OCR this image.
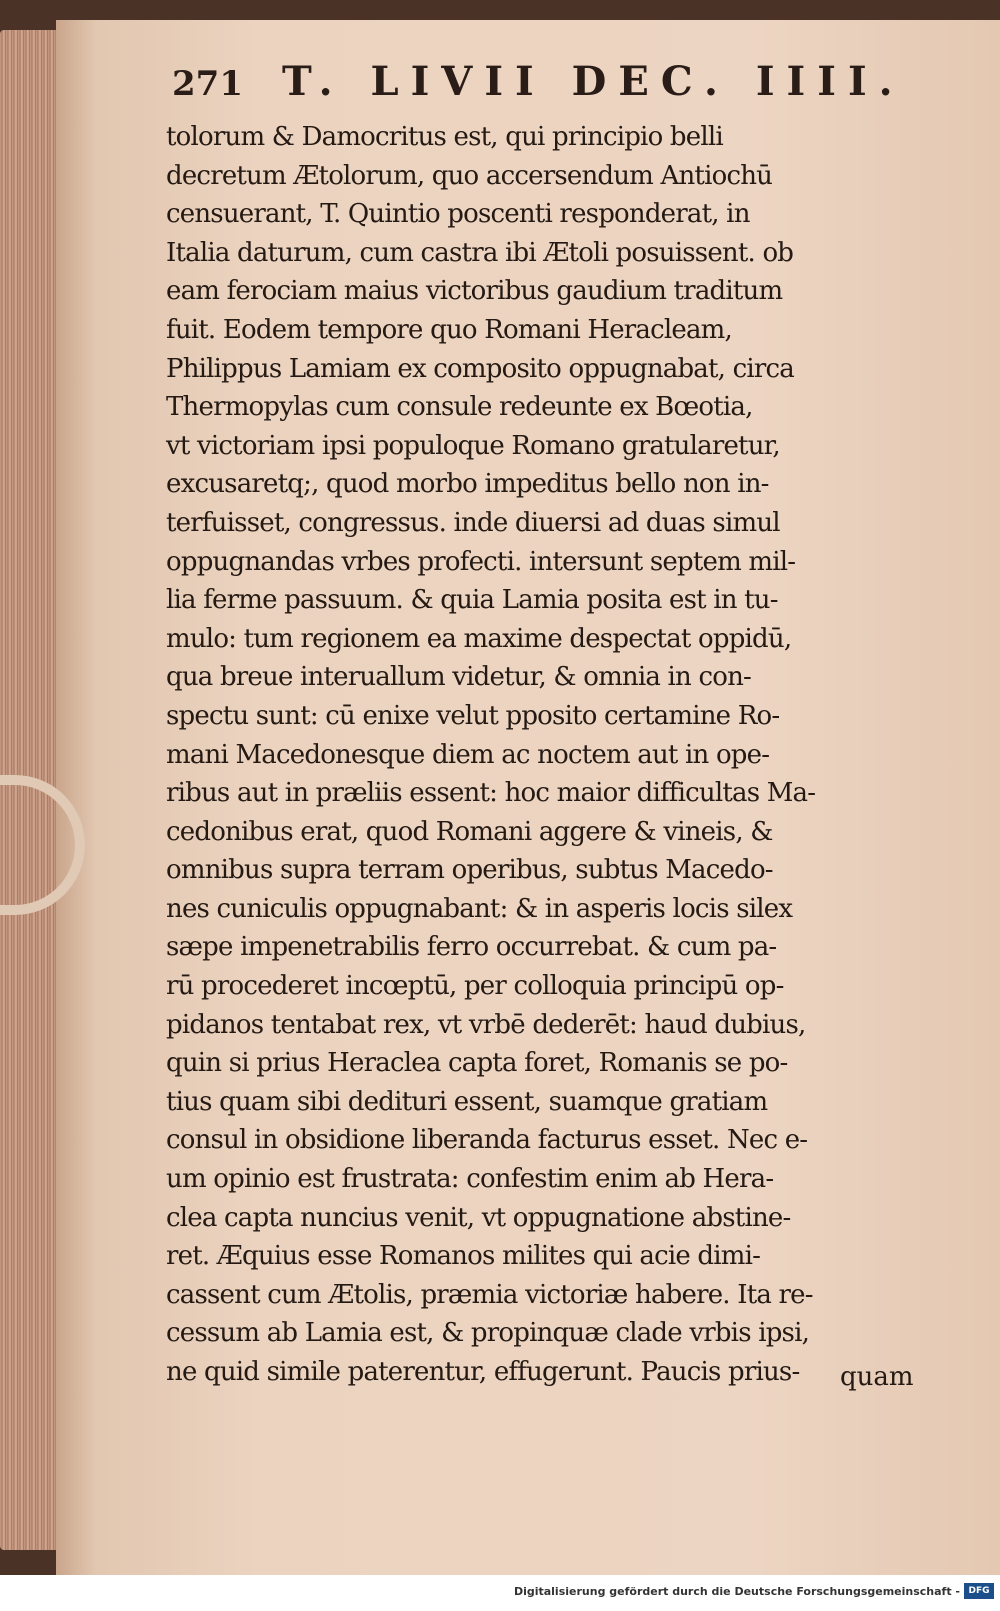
271 T. LIVII DEC. IIII.
tolorum & Damocritus est, qui principio belli
decretum Ætolorum, quo accersendum Antiochū
censuerant, T. Quintio poscenti responderat, in
Italia daturum, cum castra ibi Ætoli posuissent. ob
eam ferociam maius victoribus gaudium traditum
fuit. Eodem tempore quo Romani Heracleam,
Philippus Lamiam ex composito oppugnabat, circa
Thermopylas cum consule redeunte ex Bœotia,
vt victoriam ipsi populoque Romano gratularetur,
excusaretq;, quod morbo impeditus bello non in-
terfuisset, congressus. inde diuersi ad duas simul
oppugnandas vrbes profecti. intersunt septem mil-
lia ferme passuum. & quia Lamia posita est in tu-
mulo: tum regionem ea maxime despectat oppidū,
qua breue interuallum videtur, & omnia in con-
spectu sunt: cū enixe velut pposito certamine Ro-
mani Macedonesque diem ac noctem aut in ope-
ribus aut in præliis essent: hoc maior difficultas Ma-
cedonibus erat, quod Romani aggere & vineis, &
omnibus supra terram operibus, subtus Macedo-
nes cuniculis oppugnabant: & in asperis locis silex
sæpe impenetrabilis ferro occurrebat. & cum pa-
rū procederet incœptū, per colloquia principū op-
pidanos tentabat rex, vt vrbē dederēt: haud dubius,
quin si prius Heraclea capta foret, Romanis se po-
tius quam sibi dedituri essent, suamque gratiam
consul in obsidione liberanda facturus esset. Nec e-
um opinio est frustrata: confestim enim ab Hera-
clea capta nuncius venit, vt oppugnatione abstine-
ret. Æquius esse Romanos milites qui acie dimi-
cassent cum Ætolis, præmia victoriæ habere. Ita re-
cessum ab Lamia est, & propinquæ clade vrbis ipsi,
ne quid simile paterentur, effugerunt. Paucis prius-	quam
Digitalisierung gefördert durch die Deutsche Forschungsgemeinschaft - DFG
